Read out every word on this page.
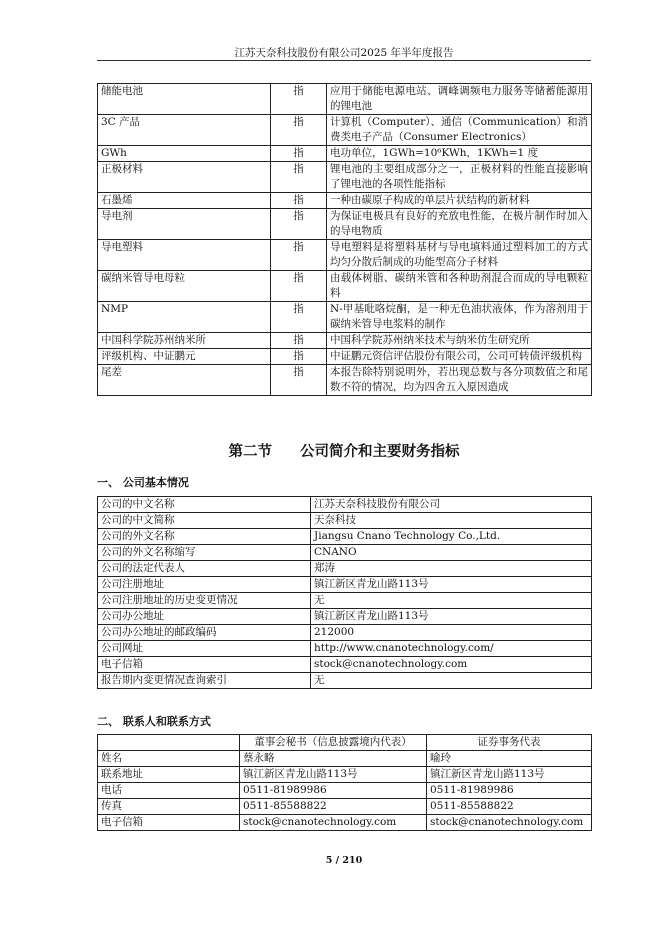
江苏天奈科技股份有限公司2025 年半年度报告
储能电池	指	应用于储能电源电站、调峰调频电力服务等储蓄能源用的锂电池
3C 产品	指	计算机（Computer）、通信（Communication）和消费类电子产品（Consumer Electronics）
GWh	指	电功单位，1GWh=10⁶KWh，1KWh=1 度
正极材料	指	锂电池的主要组成部分之一，正极材料的性能直接影响了锂电池的各项性能指标
石墨烯	指	一种由碳原子构成的单层片状结构的新材料
导电剂	指	为保证电极具有良好的充放电性能，在极片制作时加入的导电物质
导电塑料	指	导电塑料是将塑料基材与导电填料通过塑料加工的方式均匀分散后制成的功能型高分子材料
碳纳米管导电母粒	指	由载体树脂、碳纳米管和各种助剂混合而成的导电颗粒料
NMP	指	N-甲基吡咯烷酮，是一种无色油状液体，作为溶剂用于碳纳米管导电浆料的制作
中国科学院苏州纳米所	指	中国科学院苏州纳米技术与纳米仿生研究所
评级机构、中证鹏元	指	中证鹏元资信评估股份有限公司，公司可转债评级机构
尾差	指	本报告除特别说明外，若出现总数与各分项数值之和尾数不符的情况，均为四舍五入原因造成
第二节 公司简介和主要财务指标
一、 公司基本情况
公司的中文名称	江苏天奈科技股份有限公司
公司的中文简称	天奈科技
公司的外文名称	Jiangsu Cnano Technology Co.,Ltd.
公司的外文名称缩写	CNANO
公司的法定代表人	郑涛
公司注册地址	镇江新区青龙山路113号
公司注册地址的历史变更情况	无
公司办公地址	镇江新区青龙山路113号
公司办公地址的邮政编码	212000
公司网址	http://www.cnanotechnology.com/
电子信箱	stock@cnanotechnology.com
报告期内变更情况查询索引	无
二、 联系人和联系方式
	董事会秘书（信息披露境内代表）	证券事务代表
姓名	蔡永略	喻玲
联系地址	镇江新区青龙山路113号	镇江新区青龙山路113号
电话	0511-81989986	0511-81989986
传真	0511-85588822	0511-85588822
电子信箱	stock@cnanotechnology.com	stock@cnanotechnology.com
5 / 210
